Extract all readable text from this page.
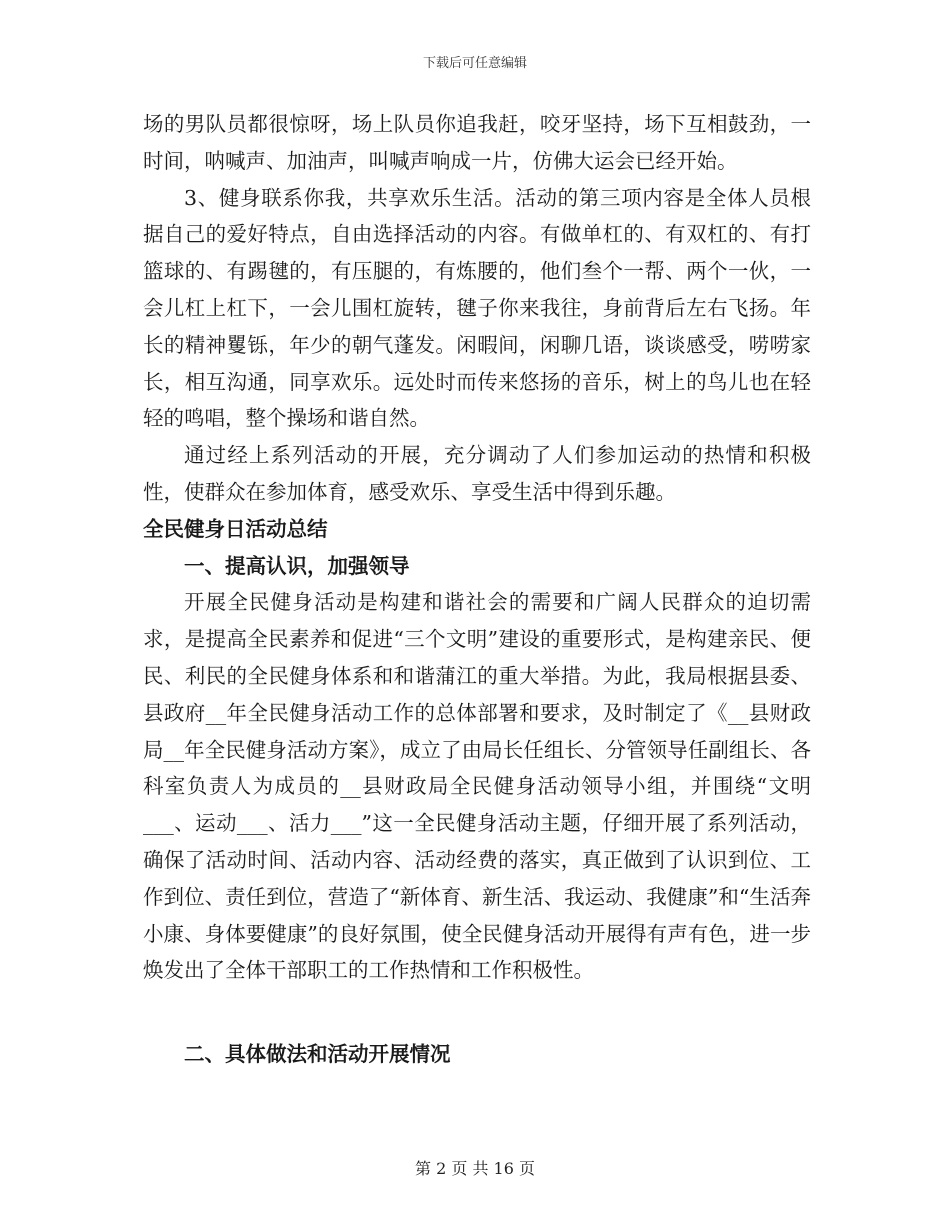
下载后可任意编辑

场的男队员都很惊呀，场上队员你追我赶，咬牙坚持，场下互相鼓劲，一时间，呐喊声、加油声，叫喊声响成一片，仿佛大运会已经开始。

3、健身联系你我，共享欢乐生活。活动的第三项内容是全体人员根据自己的爱好特点，自由选择活动的内容。有做单杠的、有双杠的、有打篮球的、有踢毽的，有压腿的，有炼腰的，他们叁个一帮、两个一伙，一会儿杠上杠下，一会儿围杠旋转，毽子你来我往，身前背后左右飞扬。年长的精神矍铄，年少的朝气蓬发。闲暇间，闲聊几语，谈谈感受，唠唠家长，相互沟通，同享欢乐。远处时而传来悠扬的音乐，树上的鸟儿也在轻轻的鸣唱，整个操场和谐自然。

通过经上系列活动的开展，充分调动了人们参加运动的热情和积极性，使群众在参加体育，感受欢乐、享受生活中得到乐趣。

全民健身日活动总结

一、提高认识，加强领导

开展全民健身活动是构建和谐社会的需要和广阔人民群众的迫切需求，是提高全民素养和促进“三个文明”建设的重要形式，是构建亲民、便民、利民的全民健身体系和和谐蒲江的重大举措。为此，我局根据县委、县政府__年全民健身活动工作的总体部署和要求，及时制定了《__县财政局__年全民健身活动方案》，成立了由局长任组长、分管领导任副组长、各科室负责人为成员的__县财政局全民健身活动领导小组，并围绕“文明___、运动___、活力___”这一全民健身活动主题，仔细开展了系列活动，确保了活动时间、活动内容、活动经费的落实，真正做到了认识到位、工作到位、责任到位，营造了“新体育、新生活、我运动、我健康”和“生活奔小康、身体要健康”的良好氛围，使全民健身活动开展得有声有色，进一步焕发出了全体干部职工的工作热情和工作积极性。

二、具体做法和活动开展情况
第 2 页 共 16 页
